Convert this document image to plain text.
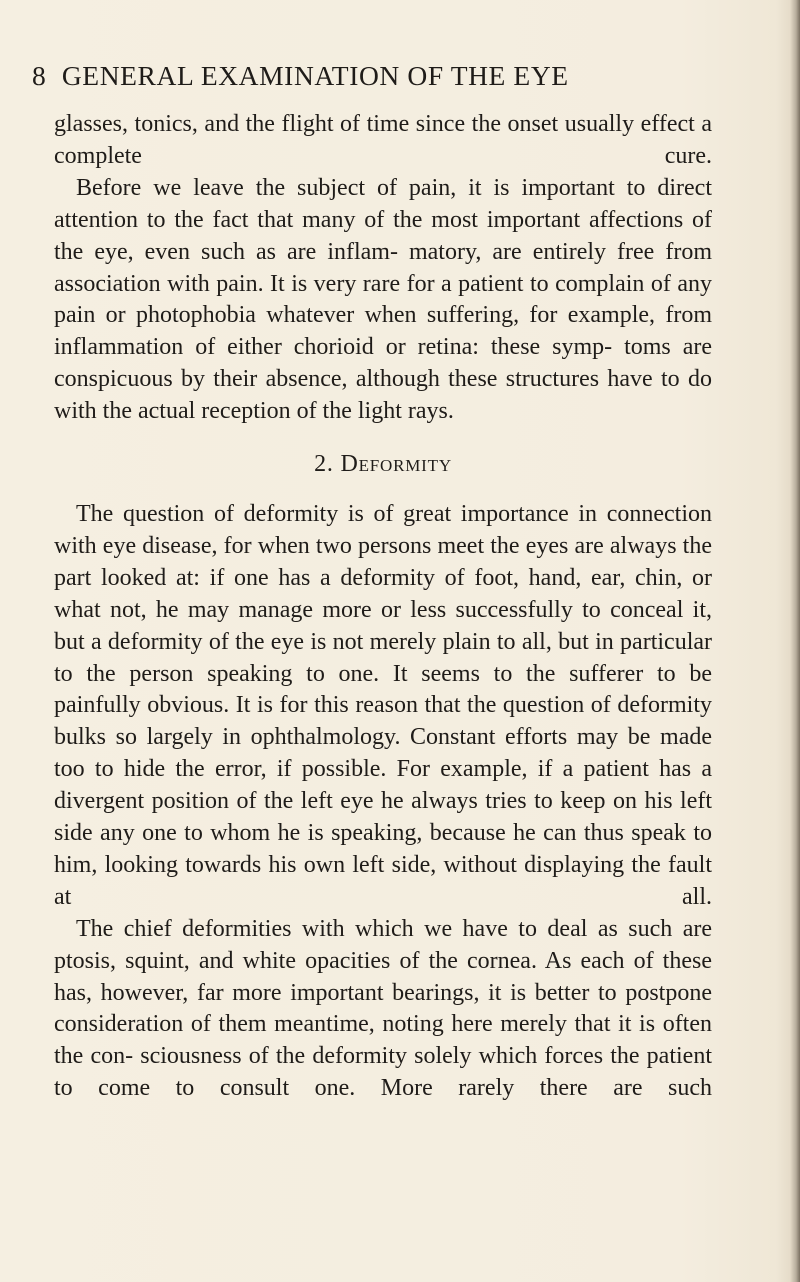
8 GENERAL EXAMINATION OF THE EYE

glasses, tonics, and the flight of time since the onset usually effect a complete cure.

Before we leave the subject of pain, it is important to direct attention to the fact that many of the most important affections of the eye, even such as are inflam- matory, are entirely free from association with pain. It is very rare for a patient to complain of any pain or photophobia whatever when suffering, for example, from inflammation of either chorioid or retina: these symp- toms are conspicuous by their absence, although these structures have to do with the actual reception of the light rays.

2. Deformity

The question of deformity is of great importance in connection with eye disease, for when two persons meet the eyes are always the part looked at: if one has a deformity of foot, hand, ear, chin, or what not, he may manage more or less successfully to conceal it, but a deformity of the eye is not merely plain to all, but in particular to the person speaking to one. It seems to the sufferer to be painfully obvious. It is for this reason that the question of deformity bulks so largely in ophthalmology. Constant efforts may be made too to hide the error, if possible. For example, if a patient has a divergent position of the left eye he always tries to keep on his left side any one to whom he is speaking, because he can thus speak to him, looking towards his own left side, without displaying the fault at all.

The chief deformities with which we have to deal as such are ptosis, squint, and white opacities of the cornea. As each of these has, however, far more important bearings, it is better to postpone consideration of them meantime, noting here merely that it is often the con- sciousness of the deformity solely which forces the patient to come to consult one. More rarely there are such
